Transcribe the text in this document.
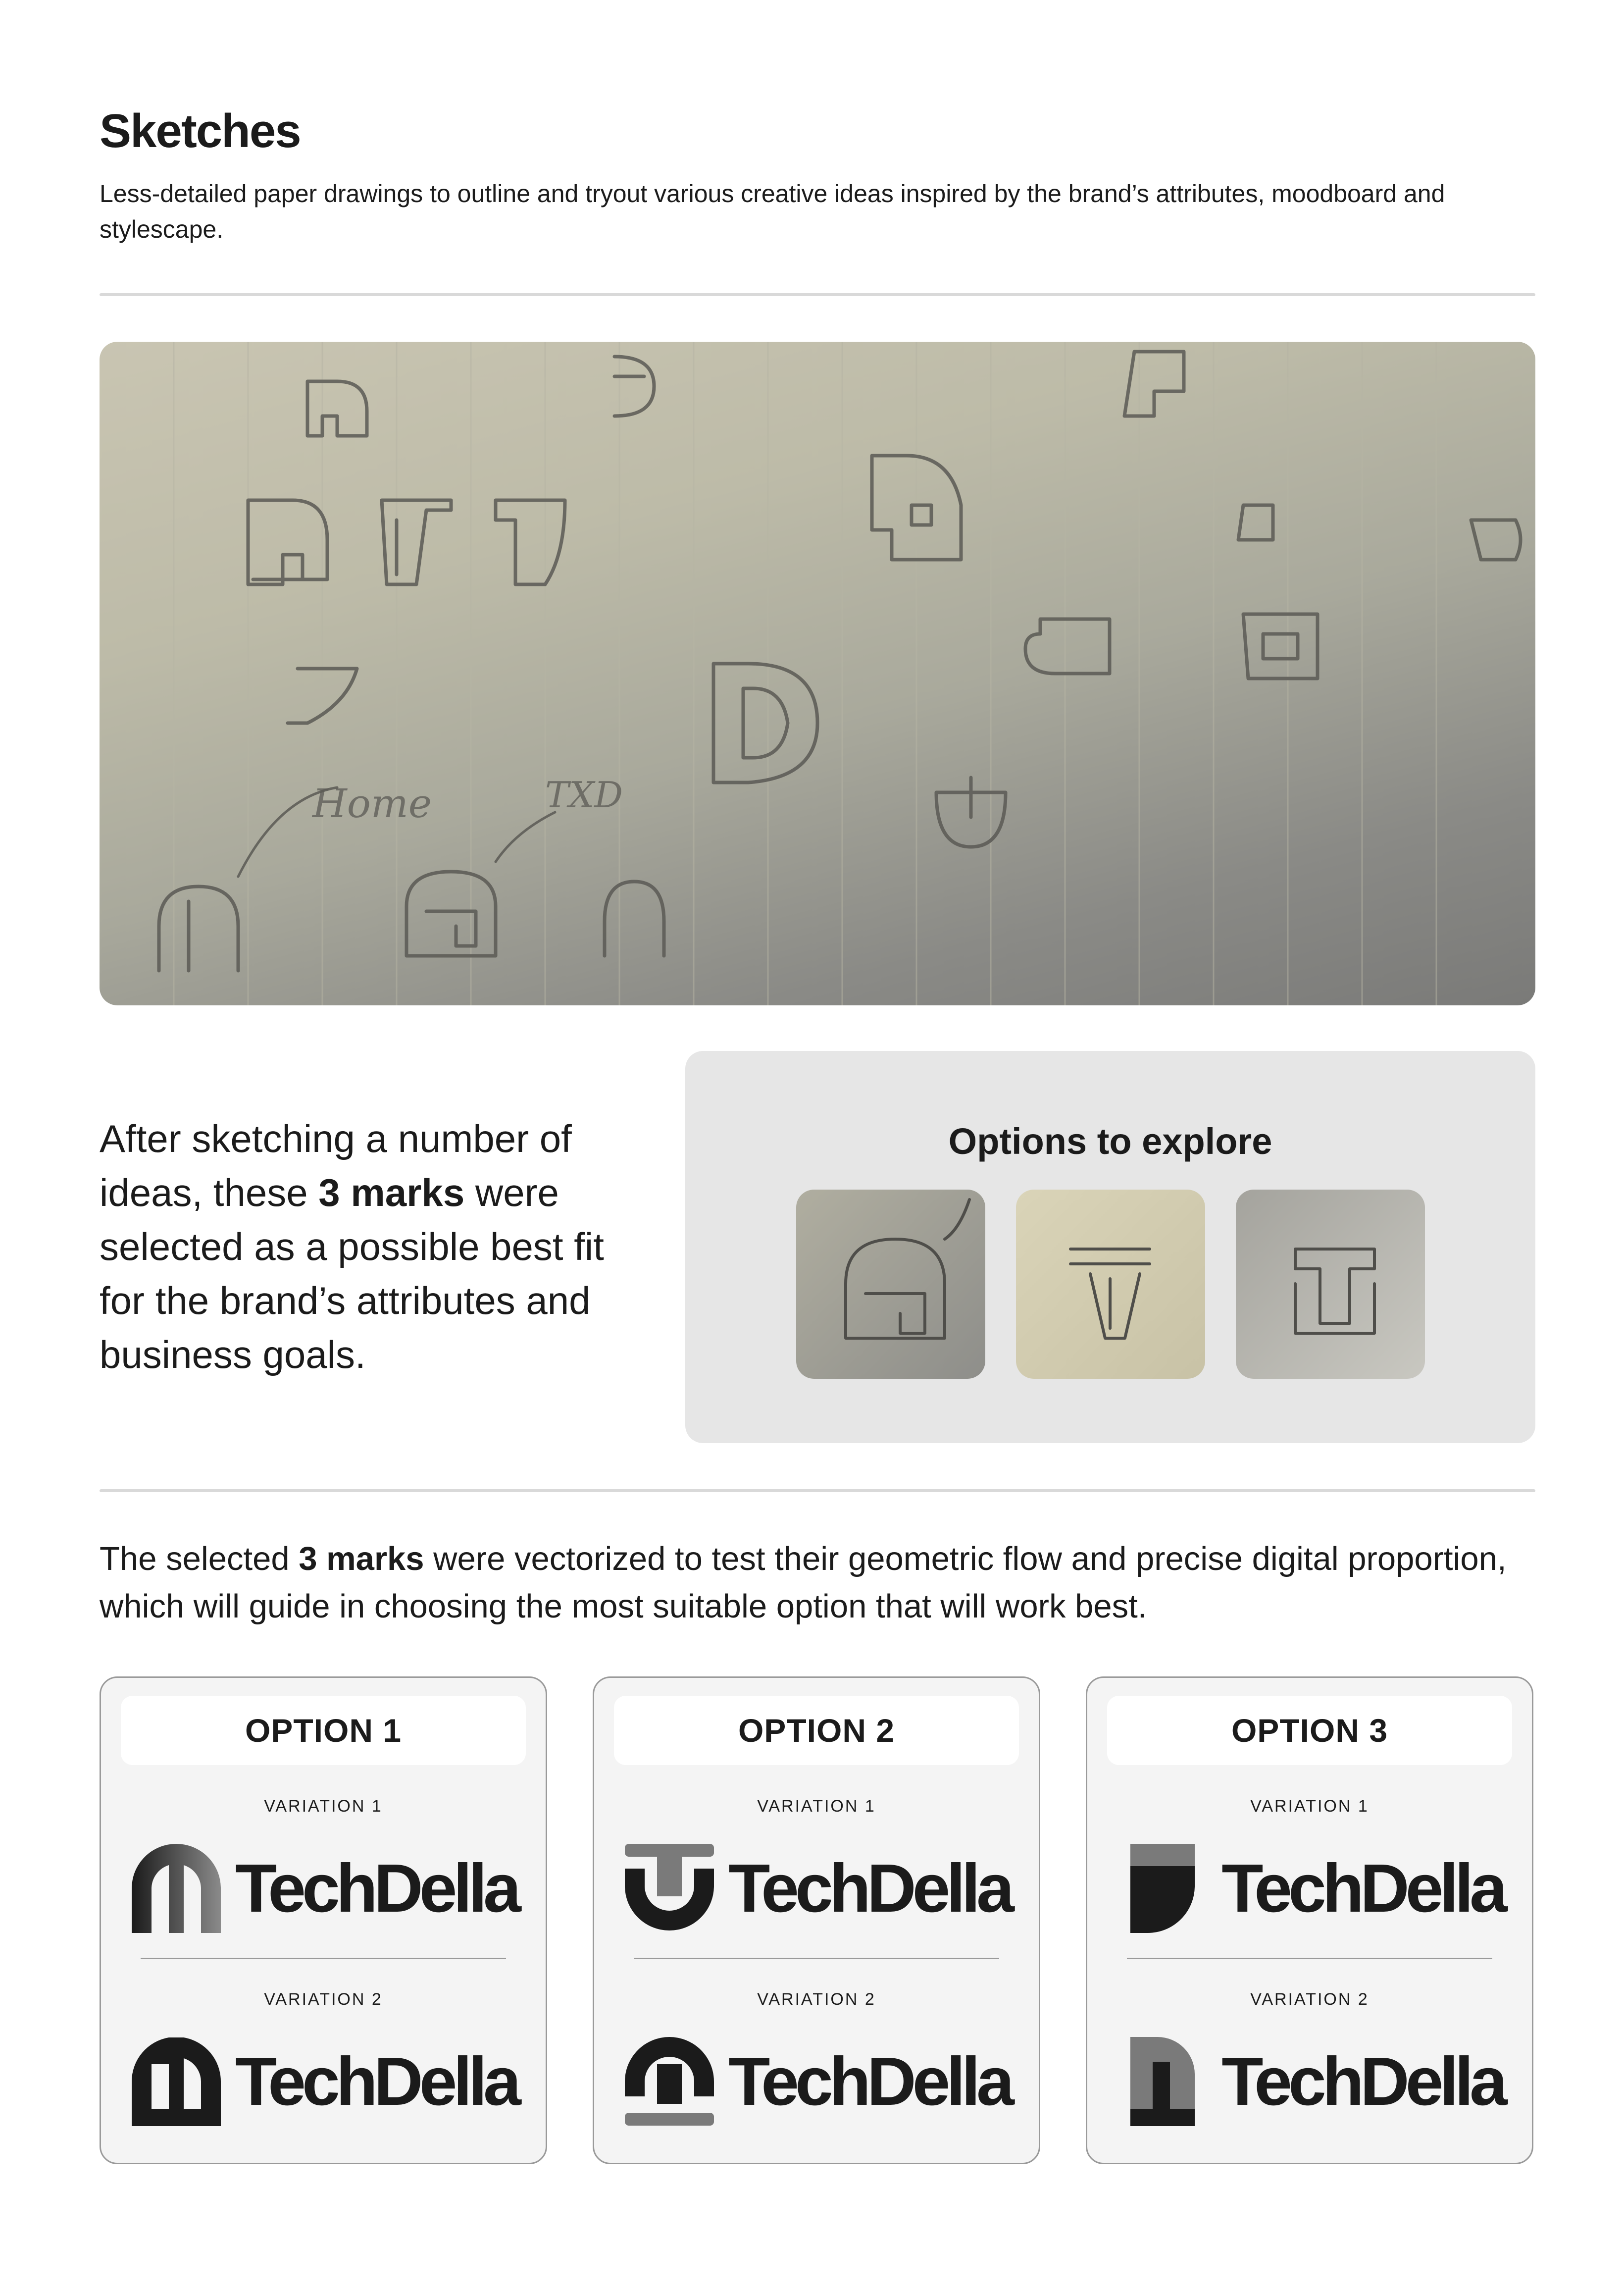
Sketches
Less-detailed paper drawings to outline and tryout various creative ideas inspired by the brand’s attributes, moodboard and stylescape.
Home	TXD
After sketching a number of ideas, these 3 marks were selected as a possible best fit for the brand’s attributes and business goals.
Options to explore
The selected 3 marks were vectorized to test their geometric flow and precise digital proportion, which will guide in choosing the most suitable option that will work best.
OPTION 1
VARIATION 1
TechDella
VARIATION 2
TechDella
OPTION 2
VARIATION 1
TechDella
VARIATION 2
TechDella
OPTION 3
VARIATION 1
TechDella
VARIATION 2
TechDella
